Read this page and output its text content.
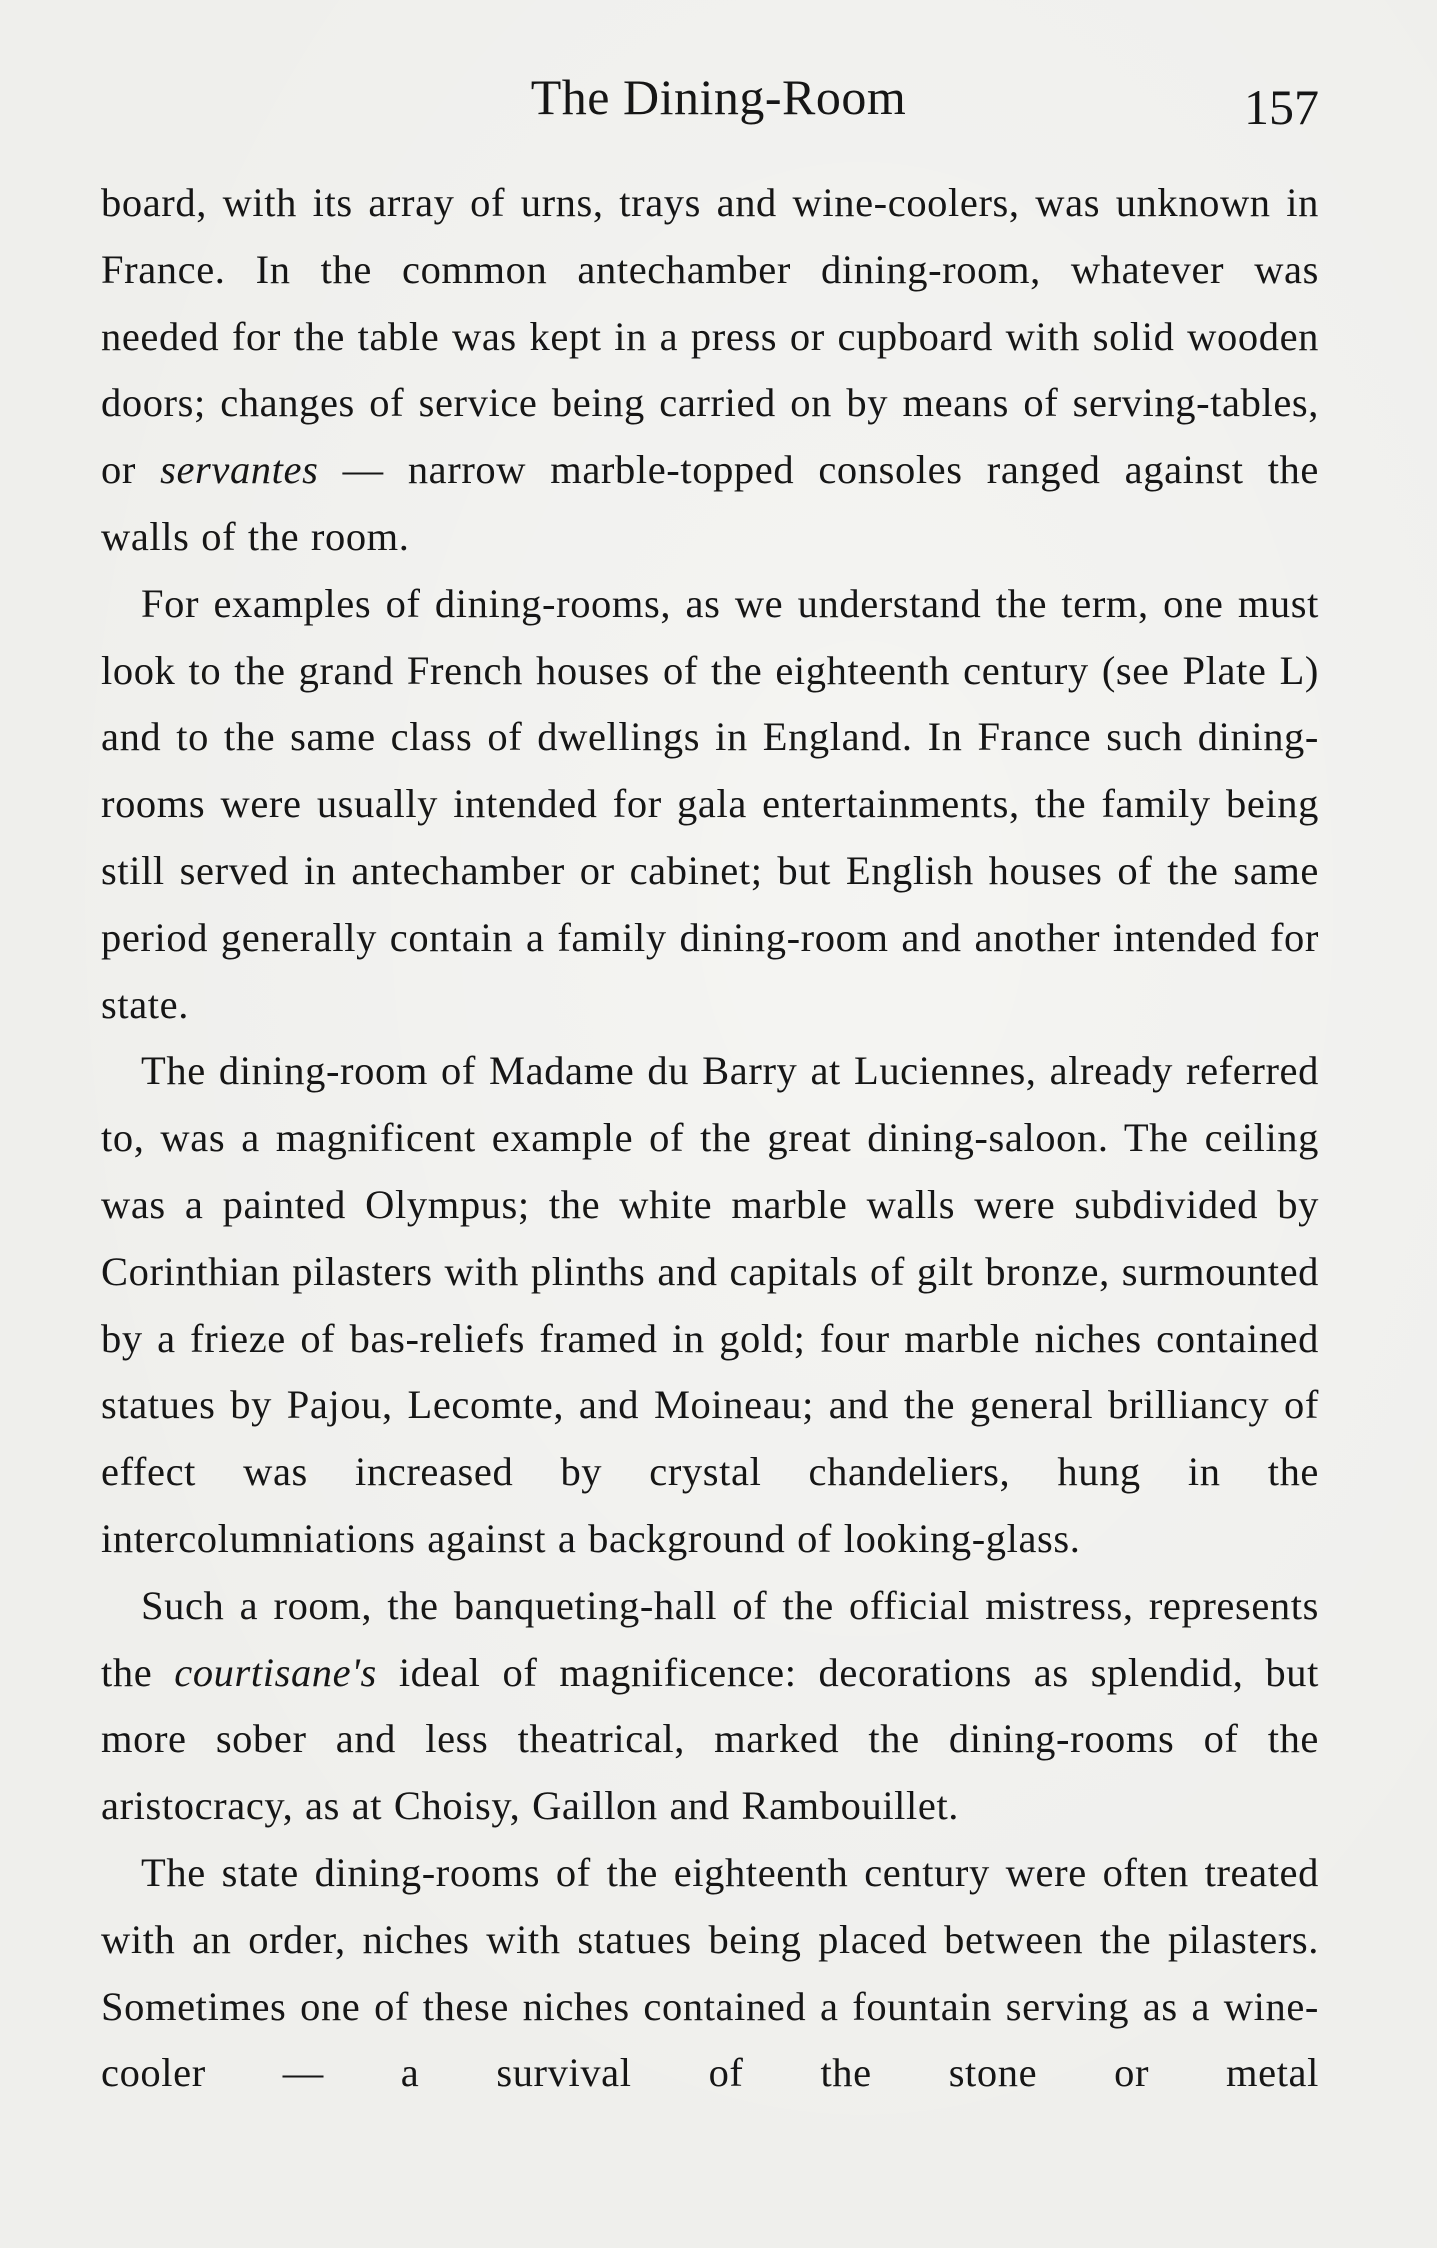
The Dining-Room	157

board, with its array of urns, trays and wine-coolers, was unknown in France. In the common antechamber dining-room, whatever was needed for the table was kept in a press or cupboard with solid wooden doors; changes of service being carried on by means of serving-tables, or servantes — narrow marble-topped consoles ranged against the walls of the room.

For examples of dining-rooms, as we understand the term, one must look to the grand French houses of the eighteenth century (see Plate L) and to the same class of dwellings in England. In France such dining-rooms were usually intended for gala entertainments, the family being still served in antechamber or cabinet; but English houses of the same period generally contain a family dining-room and another intended for state.

The dining-room of Madame du Barry at Luciennes, already referred to, was a magnificent example of the great dining-saloon. The ceiling was a painted Olympus; the white marble walls were subdivided by Corinthian pilasters with plinths and capitals of gilt bronze, surmounted by a frieze of bas-reliefs framed in gold; four marble niches contained statues by Pajou, Lecomte, and Moineau; and the general brilliancy of effect was increased by crystal chandeliers, hung in the intercolumniations against a background of looking-glass.

Such a room, the banqueting-hall of the official mistress, represents the courtisane's ideal of magnificence: decorations as splendid, but more sober and less theatrical, marked the dining-rooms of the aristocracy, as at Choisy, Gaillon and Rambouillet.

The state dining-rooms of the eighteenth century were often treated with an order, niches with statues being placed between the pilasters. Sometimes one of these niches contained a fountain serving as a wine-cooler — a survival of the stone or metal
